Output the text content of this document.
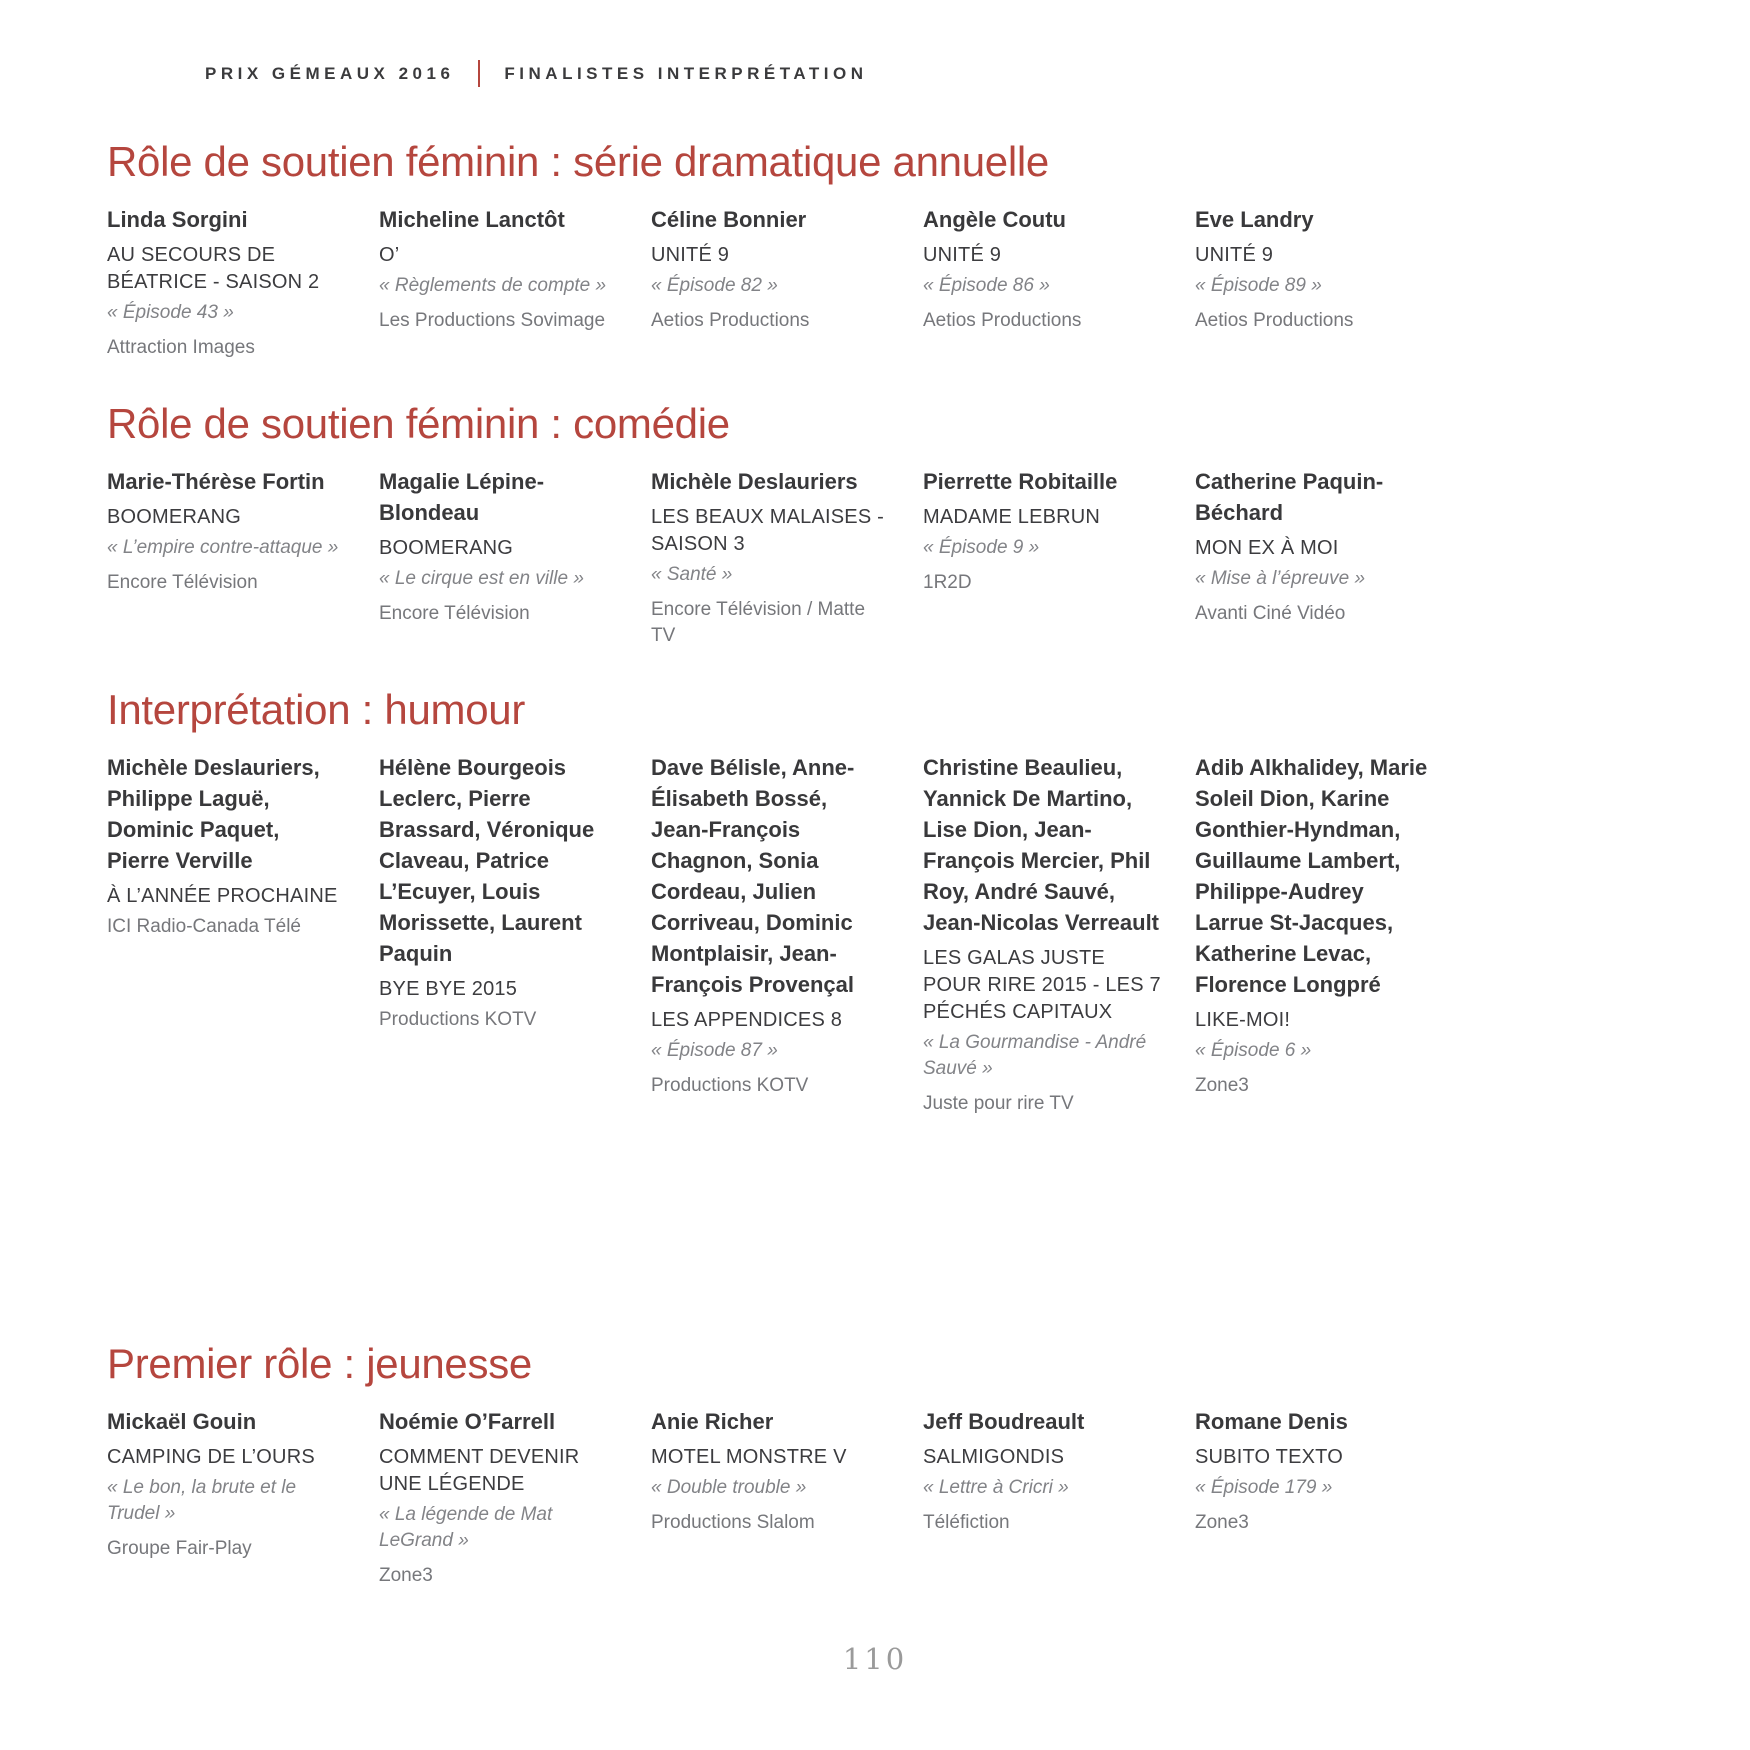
PRIX GÉMEAUX 2016	FINALISTES INTERPRÉTATION
Rôle de soutien féminin : série dramatique annuelle
Linda Sorgini
AU SECOURS DE BÉATRICE - SAISON 2
« Épisode 43 »
Attraction Images
Micheline Lanctôt
O’
« Règlements de compte »
Les Productions Sovimage
Céline Bonnier
UNITÉ 9
« Épisode 82 »
Aetios Productions
Angèle Coutu
UNITÉ 9
« Épisode 86 »
Aetios Productions
Eve Landry
UNITÉ 9
« Épisode 89 »
Aetios Productions
Rôle de soutien féminin : comédie
Marie-Thérèse Fortin
BOOMERANG
« L’empire contre-attaque »
Encore Télévision
Magalie Lépine-Blondeau
BOOMERANG
« Le cirque est en ville »
Encore Télévision
Michèle Deslauriers
LES BEAUX MALAISES - SAISON 3
« Santé »
Encore Télévision / Matte TV
Pierrette Robitaille
MADAME LEBRUN
« Épisode 9 »
1R2D
Catherine Paquin-Béchard
MON EX À MOI
« Mise à l’épreuve »
Avanti Ciné Vidéo
Interprétation : humour
Michèle Deslauriers, Philippe Laguë, Dominic Paquet, Pierre Verville
À L’ANNÉE PROCHAINE
ICI Radio-Canada Télé
Hélène Bourgeois Leclerc, Pierre Brassard, Véronique Claveau, Patrice L’Ecuyer, Louis Morissette, Laurent Paquin
BYE BYE 2015
Productions KOTV
Dave Bélisle, Anne-Élisabeth Bossé, Jean-François Chagnon, Sonia Cordeau, Julien Corriveau, Dominic Montplaisir, Jean-François Provençal
LES APPENDICES 8
« Épisode 87 »
Productions KOTV
Christine Beaulieu, Yannick De Martino, Lise Dion, Jean-François Mercier, Phil Roy, André Sauvé, Jean-Nicolas Verreault
LES GALAS JUSTE POUR RIRE 2015 - LES 7 PÉCHÉS CAPITAUX
« La Gourmandise - André Sauvé »
Juste pour rire TV
Adib Alkhalidey, Marie Soleil Dion, Karine Gonthier-Hyndman, Guillaume Lambert, Philippe-Audrey Larrue St-Jacques, Katherine Levac, Florence Longpré
LIKE-MOI!
« Épisode 6 »
Zone3
Premier rôle : jeunesse
Mickaël Gouin
CAMPING DE L’OURS
« Le bon, la brute et le Trudel »
Groupe Fair-Play
Noémie O’Farrell
COMMENT DEVENIR UNE LÉGENDE
« La légende de Mat LeGrand »
Zone3
Anie Richer
MOTEL MONSTRE V
« Double trouble »
Productions Slalom
Jeff Boudreault
SALMIGONDIS
« Lettre à Cricri »
Téléfiction
Romane Denis
SUBITO TEXTO
« Épisode 179 »
Zone3
110
